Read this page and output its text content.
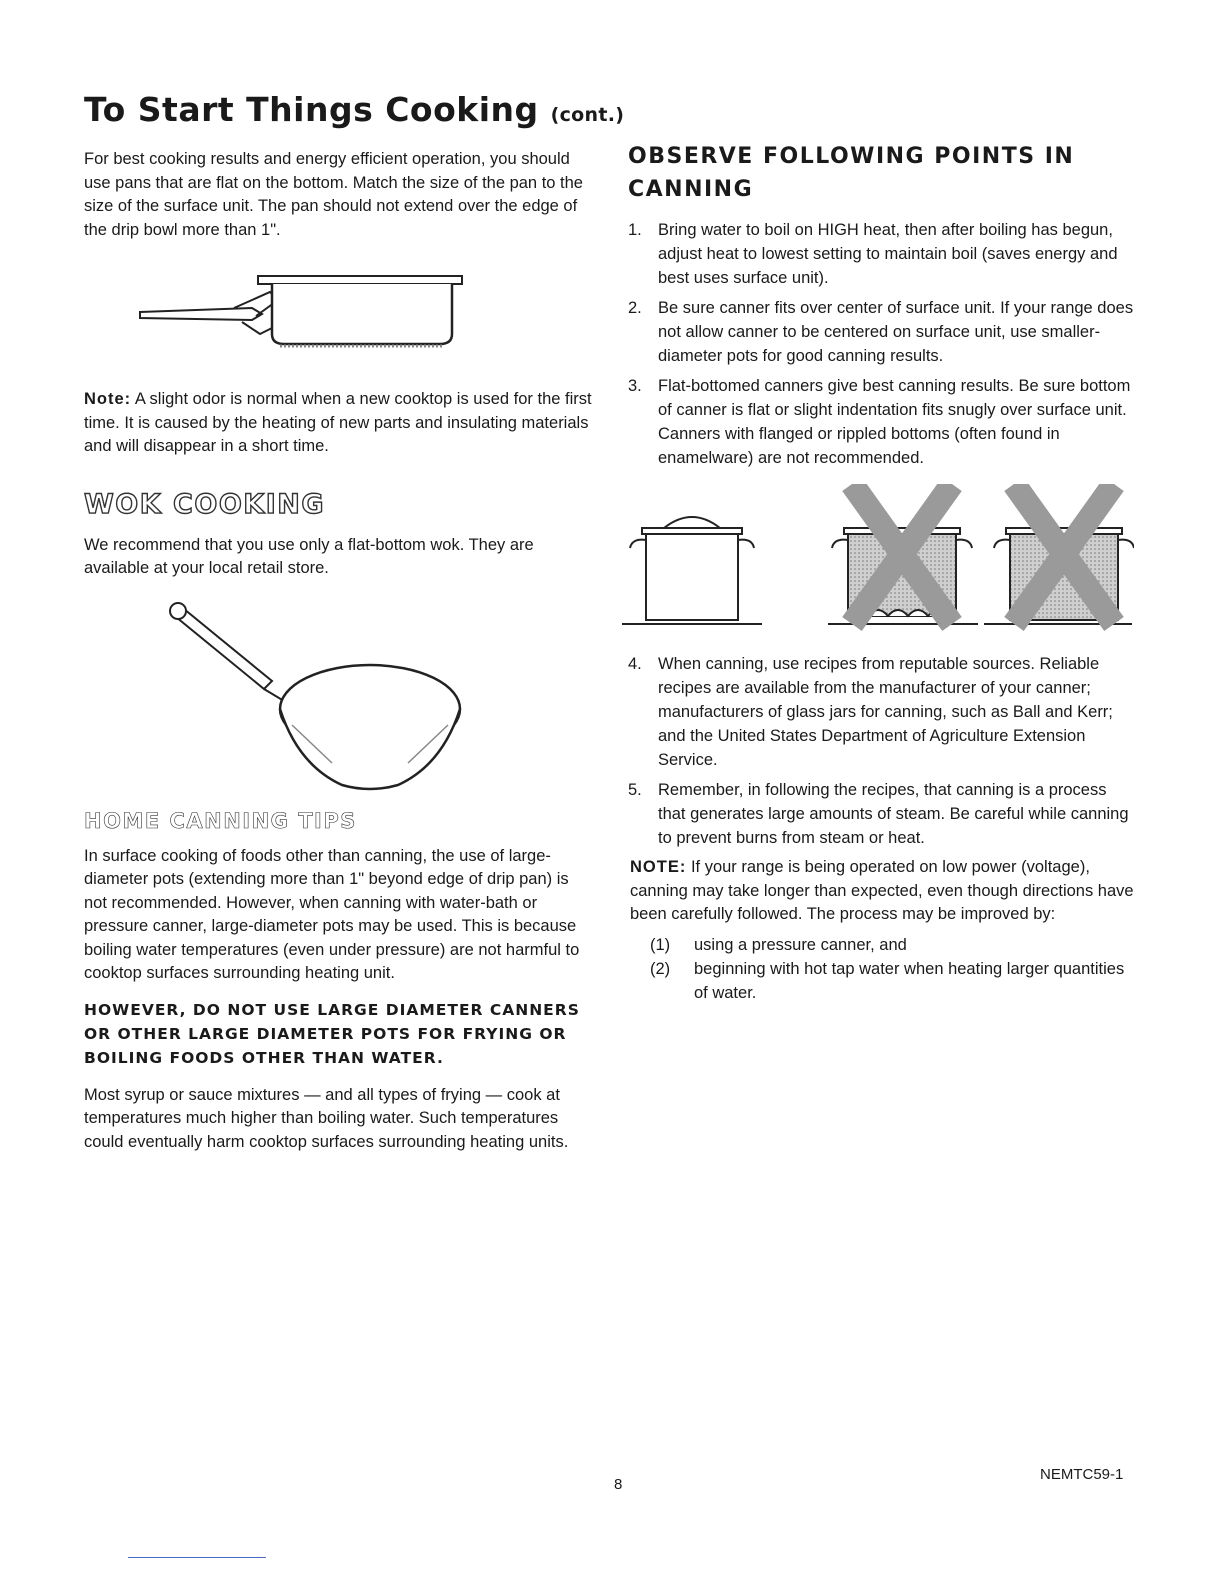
To Start Things Cooking (cont.)

For best cooking results and energy efficient operation, you should use pans that are flat on the bottom. Match the size of the pan to the size of the surface unit. The pan should not extend over the edge of the drip bowl more than 1".

Note: A slight odor is normal when a new cooktop is used for the first time. It is caused by the heating of new parts and insulating materials and will disappear in a short time.

WOK COOKING

We recommend that you use only a flat-bottom wok. They are available at your local retail store.

HOME CANNING TIPS

In surface cooking of foods other than canning, the use of large-diameter pots (extending more than 1" beyond edge of drip pan) is not recommended. However, when canning with water-bath or pressure canner, large-diameter pots may be used. This is because boiling water temperatures (even under pressure) are not harmful to cooktop surfaces surrounding heating unit.

HOWEVER, DO NOT USE LARGE DIAMETER CANNERS OR OTHER LARGE DIAMETER POTS FOR FRYING OR BOILING FOODS OTHER THAN WATER.

Most syrup or sauce mixtures — and all types of frying — cook at temperatures much higher than boiling water. Such temperatures could eventually harm cooktop surfaces surrounding heating units.

OBSERVE FOLLOWING POINTS IN CANNING
1. Bring water to boil on HIGH heat, then after boiling has begun, adjust heat to lowest setting to maintain boil (saves energy and best uses surface unit).
2. Be sure canner fits over center of surface unit. If your range does not allow canner to be centered on surface unit, use smaller-diameter pots for good canning results.
3. Flat-bottomed canners give best canning results. Be sure bottom of canner is flat or slight indentation fits snugly over surface unit. Canners with flanged or rippled bottoms (often found in enamelware) are not recommended.
4. When canning, use recipes from reputable sources. Reliable recipes are available from the manufacturer of your canner; manufacturers of glass jars for canning, such as Ball and Kerr; and the United States Department of Agriculture Extension Service.
5. Remember, in following the recipes, that canning is a process that generates large amounts of steam. Be careful while canning to prevent burns from steam or heat.

NOTE: If your range is being operated on low power (voltage), canning may take longer than expected, even though directions have been carefully followed. The process may be improved by:

(1) using a pressure canner, and
(2) beginning with hot tap water when heating larger quantities of water.
8
NEMTC59-1
